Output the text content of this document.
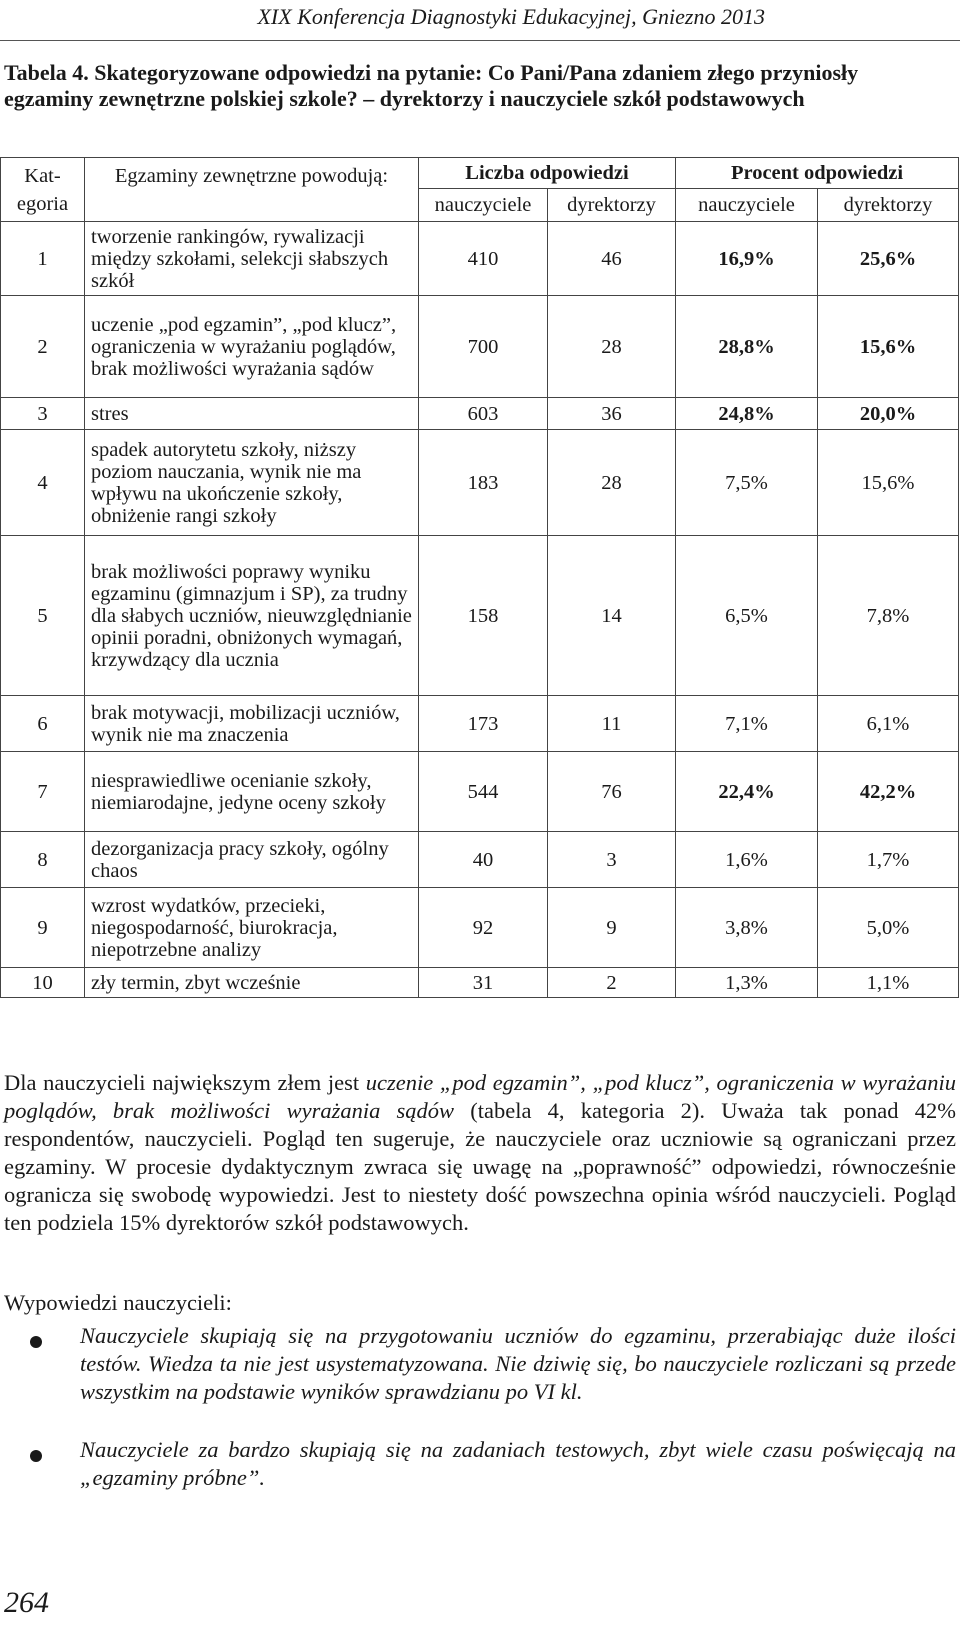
XIX Konferencja Diagnostyki Edukacyjnej, Gniezno 2013
Tabela 4. Skategoryzowane odpowiedzi na pytanie: Co Pani/Pana zdaniem złego przyniosły egzaminy zewnętrzne polskiej szkole? – dyrektorzy i nauczyciele szkół podstawowych
Kat- egoria	Egzaminy zewnętrzne powodują:	Liczba odpowiedzi		Procent odpowiedzi	
		nauczyciele	dyrektorzy	nauczyciele	dyrektorzy
1	tworzenie rankingów, rywalizacji między szkołami, selekcji słabszych szkół	410	46	16,9%	25,6%
2	uczenie „pod egzamin”, „pod klucz”, ograniczenia w wyrażaniu poglądów, brak możliwości wyrażania sądów	700	28	28,8%	15,6%
3	stres	603	36	24,8%	20,0%
4	spadek autorytetu szkoły, niższy poziom nauczania, wynik nie ma wpływu na ukończenie szkoły, obniżenie rangi szkoły	183	28	7,5%	15,6%
5	brak możliwości poprawy wyniku egzaminu (gimnazjum i SP), za trudny dla słabych uczniów, nieuwzględnianie opinii poradni, obniżonych wymagań, krzywdzący dla ucznia	158	14	6,5%	7,8%
6	brak motywacji, mobilizacji uczniów, wynik nie ma znaczenia	173	11	7,1%	6,1%
7	niesprawiedliwe ocenianie szkoły, niemiarodajne, jedyne oceny szkoły	544	76	22,4%	42,2%
8	dezorganizacja pracy szkoły, ogólny chaos	40	3	1,6%	1,7%
9	wzrost wydatków, przecieki, niegospodarność, biurokracja, niepotrzebne analizy	92	9	3,8%	5,0%
10	zły termin, zbyt wcześnie	31	2	1,3%	1,1%
Dla nauczycieli największym złem jest uczenie „pod egzamin”, „pod klucz”, ograniczenia w wyrażaniu poglądów, brak możliwości wyrażania sądów (tabela 4, kategoria 2). Uważa tak ponad 42% respondentów, nauczycieli. Pogląd ten sugeruje, że nauczyciele oraz uczniowie są ograniczani przez egzaminy. W procesie dydaktycznym zwraca się uwagę na „poprawność” odpowiedzi, równocześnie ogranicza się swobodę wypowiedzi. Jest to niestety dość powszechna opinia wśród nauczycieli. Pogląd ten podziela 15% dyrektorów szkół podstawowych.
Wypowiedzi nauczycieli:
Nauczyciele skupiają się na przygotowaniu uczniów do egzaminu, przerabiając duże ilości testów. Wiedza ta nie jest usystematyzowana. Nie dziwię się, bo nauczyciele rozliczani są przede wszystkim na podstawie wyników sprawdzianu po VI kl.
Nauczyciele za bardzo skupiają się na zadaniach testowych, zbyt wiele czasu poświęcają na „egzaminy próbne”.
264
